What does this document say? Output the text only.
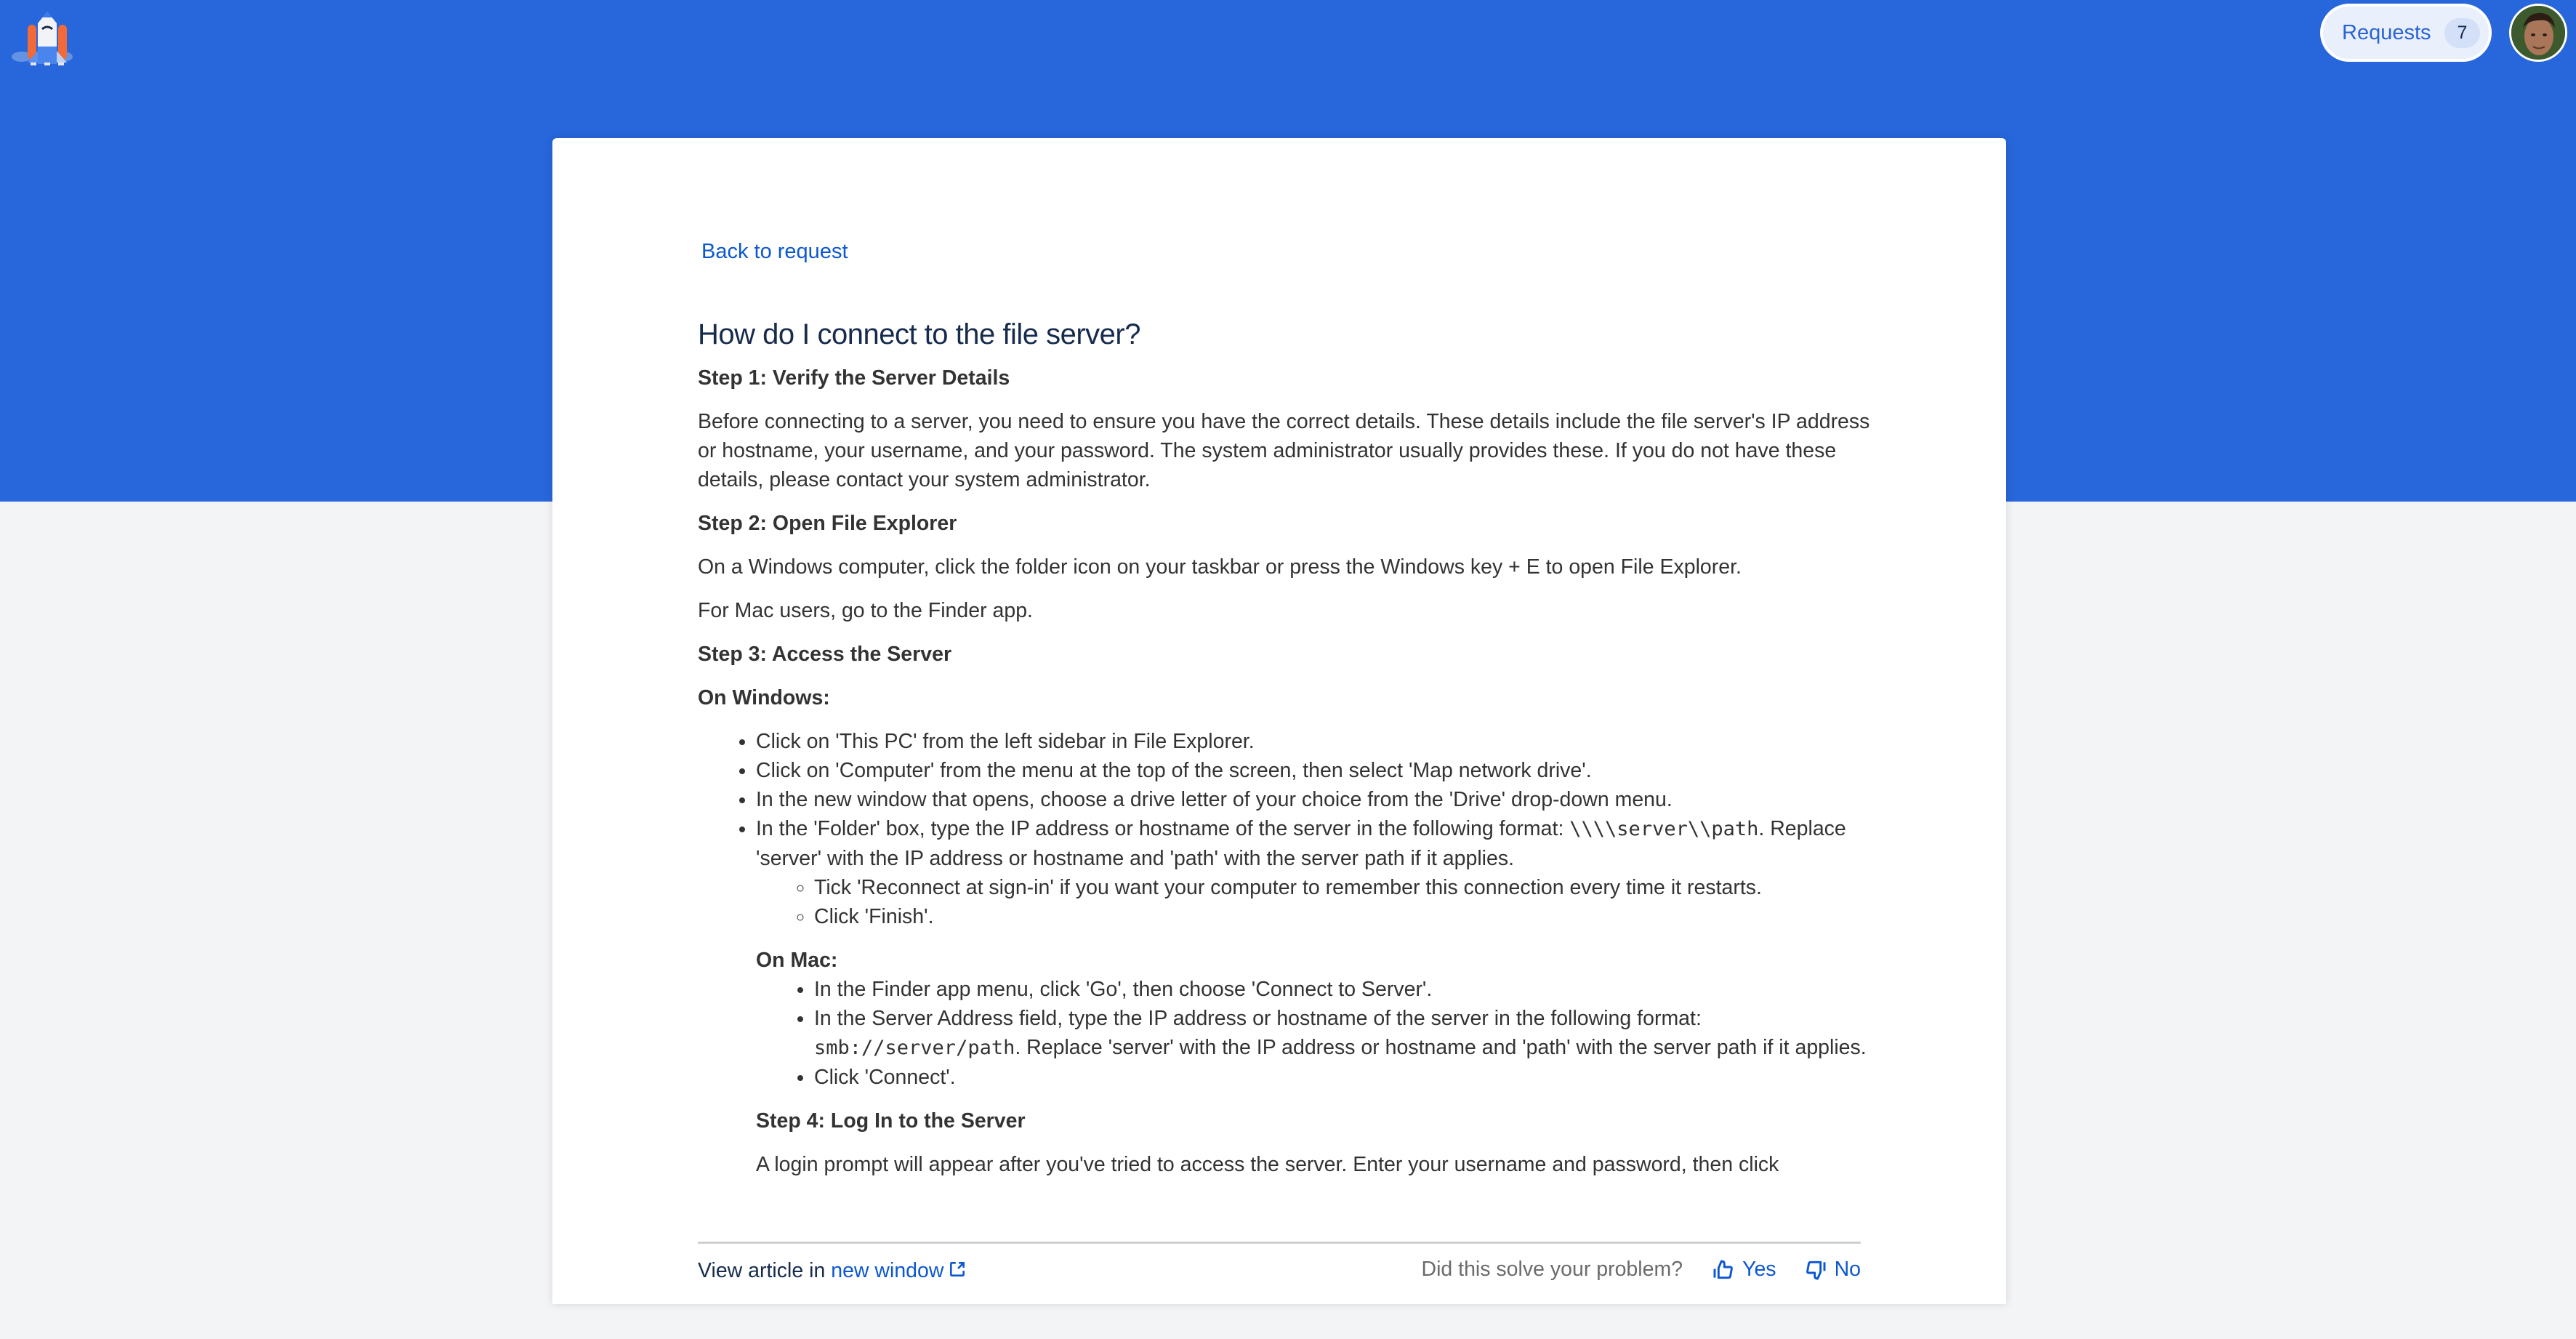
Requests	7
Back to request
How do I connect to the file server?

Step 1: Verify the Server Details

Before connecting to a server, you need to ensure you have the correct details. These details include the file server's IP address or hostname, your username, and your password. The system administrator usually provides these. If you do not have these details, please contact your system administrator.

Step 2: Open File Explorer

On a Windows computer, click the folder icon on your taskbar or press the Windows key + E to open File Explorer.

For Mac users, go to the Finder app.

Step 3: Access the Server

On Windows:

• Click on 'This PC' from the left sidebar in File Explorer.
• Click on 'Computer' from the menu at the top of the screen, then select 'Map network drive'.
• In the new window that opens, choose a drive letter of your choice from the 'Drive' drop-down menu.
• In the 'Folder' box, type the IP address or hostname of the server in the following format: \\\\server\\path. Replace 'server' with the IP address or hostname and 'path' with the server path if it applies.
◦ Tick 'Reconnect at sign-in' if you want your computer to remember this connection every time it restarts.
◦ Click 'Finish'.

On Mac:

• In the Finder app menu, click 'Go', then choose 'Connect to Server'.
• In the Server Address field, type the IP address or hostname of the server in the following format: smb://server/path. Replace 'server' with the IP address or hostname and 'path' with the server path if it applies.
• Click 'Connect'.

Step 4: Log In to the Server

A login prompt will appear after you've tried to access the server. Enter your username and password, then click

View article in new window	Did this solve your problem?	Yes	No
